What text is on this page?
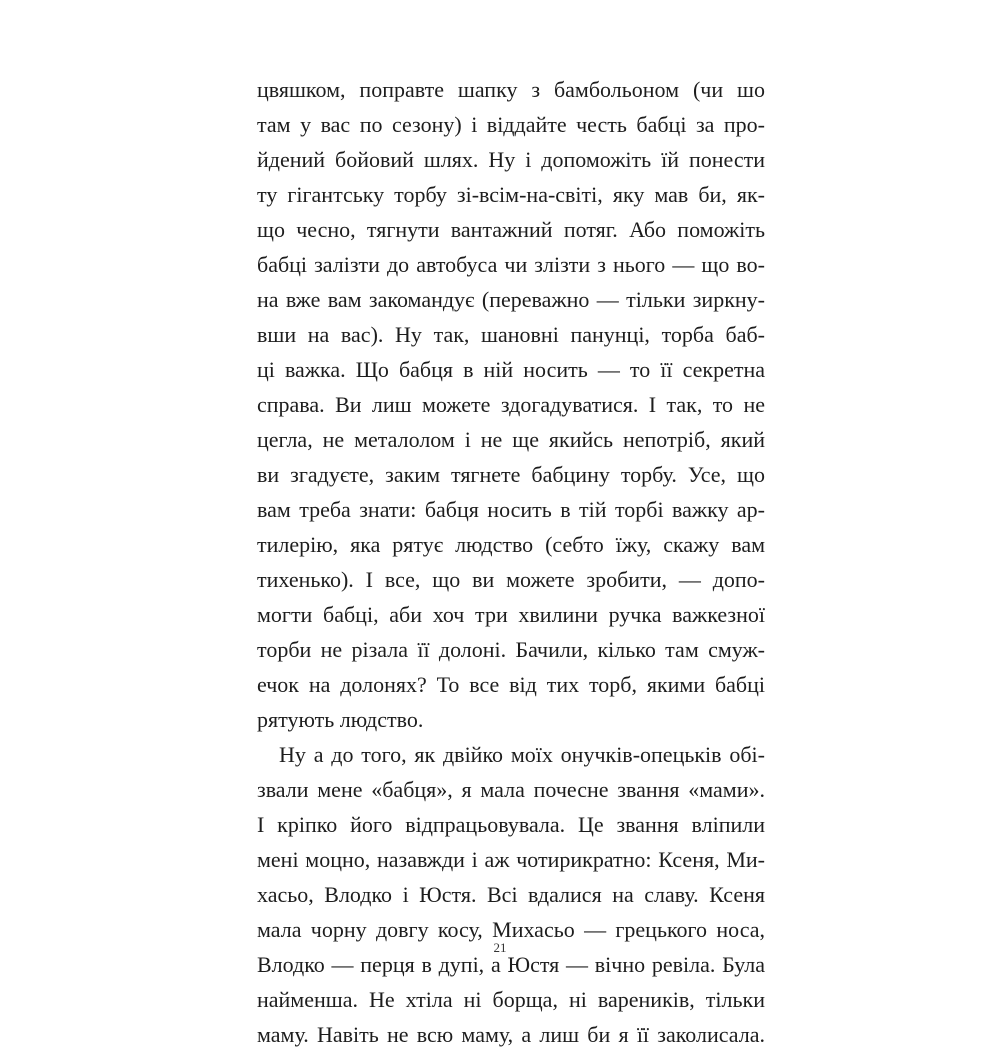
цвяшком, поправте шапку з бамбольоном (чи шо
там у вас по сезону) і віддайте честь бабці за про-
йдений бойовий шлях. Ну і допоможіть їй понести
ту гігантську торбу зі-всім-на-світі, яку мав би, як-
що чесно, тягнути вантажний потяг. Або поможіть
бабці залізти до автобуса чи злізти з нього — що во-
на вже вам закомандує (переважно — тільки зиркну-
вши на вас). Ну так, шановні панунці, торба баб-
ці важка. Що бабця в ній носить — то її секретна
справа. Ви лиш можете здогадуватися. І так, то не
цегла, не металолом і не ще якийсь непотріб, який
ви згадуєте, заким тягнете бабцину торбу. Усе, що
вам треба знати: бабця носить в тій торбі важку ар-
тилерію, яка рятує людство (себто їжу, скажу вам
тихенько). І все, що ви можете зробити, — допо-
могти бабці, аби хоч три хвилини ручка важкезної
торби не різала її долоні. Бачили, кілько там смуж-
ечок на долонях? То все від тих торб, якими бабці
рятують людство.
Ну а до того, як двійко моїх онучків-опецьків обі-
звали мене «бабця», я мала почесне звання «мами».
І кріпко його відпрацьовувала. Це звання вліпили
мені моцно, назавжди і аж чотирикратно: Ксеня, Ми-
хасьо, Влодко і Юстя. Всі вдалися на славу. Ксеня
мала чорну довгу косу, Михасьо — грецького носа,
Влодко — перця в дупі, а Юстя — вічно ревіла. Була
найменша. Не хтіла ні борща, ні вареників, тільки
маму. Навіть не всю маму, а лиш би я її заколисала.
21
